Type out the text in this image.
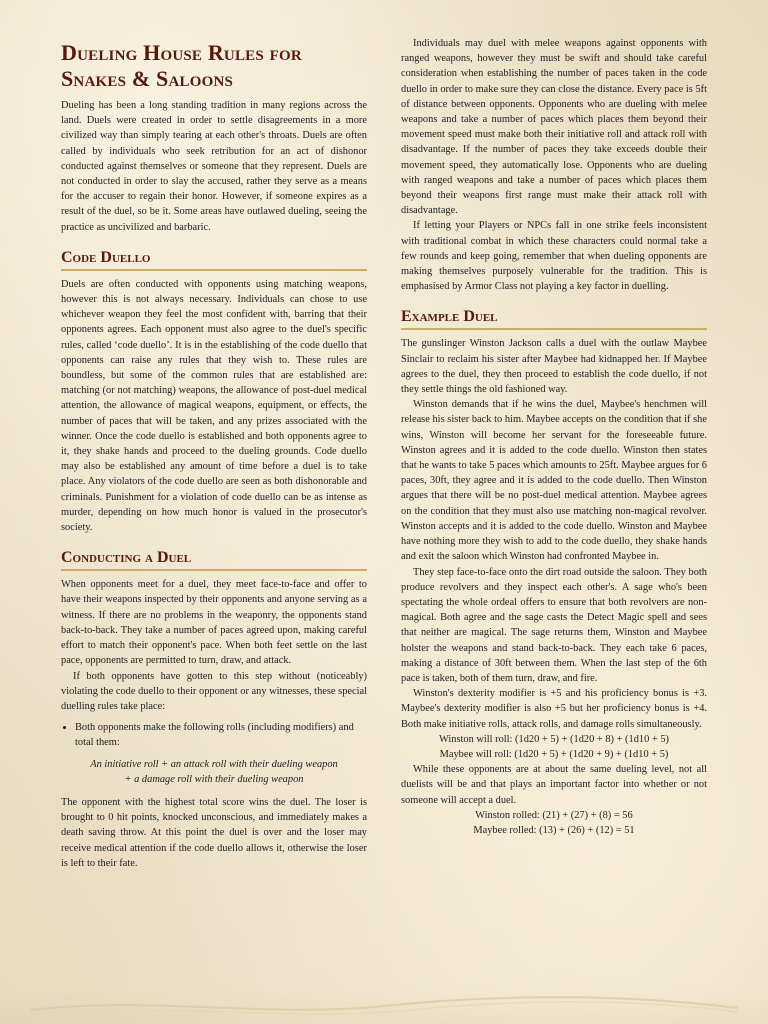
Dueling House Rules for
Snakes & Saloons

Dueling has been a long standing tradition in many regions across the land. Duels were created in order to settle disagreements in a more civilized way than simply tearing at each other's throats. Duels are often called by individuals who seek retribution for an act of dishonor conducted against themselves or someone that they represent. Duels are not conducted in order to slay the accused, rather they serve as a means for the accuser to regain their honor. However, if someone expires as a result of the duel, so be it. Some areas have outlawed dueling, seeing the practice as uncivilized and barbaric.

Code Duello

Duels are often conducted with opponents using matching weapons, however this is not always necessary. Individuals can chose to use whichever weapon they feel the most confident with, barring that their opponents agrees. Each opponent must also agree to the duel's specific rules, called ‘code duello’. It is in the establishing of the code duello that opponents can raise any rules that they wish to. These rules are boundless, but some of the common rules that are established are: matching (or not matching) weapons, the allowance of post-duel medical attention, the allowance of magical weapons, equipment, or effects, the number of paces that will be taken, and any prizes associated with the winner. Once the code duello is established and both opponents agree to it, they shake hands and proceed to the dueling grounds. Code duello may also be established any amount of time before a duel is to take place. Any violators of the code duello are seen as both dishonorable and criminals. Punishment for a violation of code duello can be as intense as murder, depending on how much honor is valued in the prosecutor's society.

Conducting a Duel

When opponents meet for a duel, they meet face-to-face and offer to have their weapons inspected by their opponents and anyone serving as a witness. If there are no problems in the weaponry, the opponents stand back-to-back. They take a number of paces agreed upon, making careful effort to match their opponent's pace. When both feet settle on the last pace, opponents are permitted to turn, draw, and attack.

If both opponents have gotten to this step without (noticeably) violating the code duello to their opponent or any witnesses, these special duelling rules take place:

• Both opponents make the following rolls (including modifiers) and total them:

An initiative roll + an attack roll with their dueling weapon
+ a damage roll with their dueling weapon

The opponent with the highest total score wins the duel. The loser is brought to 0 hit points, knocked unconscious, and immediately makes a death saving throw. At this point the duel is over and the loser may receive medical attention if the code duello allows it, otherwise the loser is left to their fate.

Individuals may duel with melee weapons against opponents with ranged weapons, however they must be swift and should take careful consideration when establishing the number of paces taken in the code duello in order to make sure they can close the distance. Every pace is 5ft of distance between opponents. Opponents who are dueling with melee weapons and take a number of paces which places them beyond their movement speed must make both their initiative roll and attack roll with disadvantage. If the number of paces they take exceeds double their movement speed, they automatically lose. Opponents who are dueling with ranged weapons and take a number of paces which places them beyond their weapons first range must make their attack roll with disadvantage.

If letting your Players or NPCs fall in one strike feels inconsistent with traditional combat in which these characters could normal take a few rounds and keep going, remember that when dueling opponents are making themselves purposely vulnerable for the tradition. This is emphasised by Armor Class not playing a key factor in duelling.

Example Duel

The gunslinger Winston Jackson calls a duel with the outlaw Maybee Sinclair to reclaim his sister after Maybee had kidnapped her. If Maybee agrees to the duel, they then proceed to establish the code duello, if not they settle things the old fashioned way.

Winston demands that if he wins the duel, Maybee's henchmen will release his sister back to him. Maybee accepts on the condition that if she wins, Winston will become her servant for the foreseeable future. Winston agrees and it is added to the code duello. Winston then states that he wants to take 5 paces which amounts to 25ft. Maybee argues for 6 paces, 30ft, they agree and it is added to the code duello. Then Winston argues that there will be no post-duel medical attention. Maybee agrees on the condition that they must also use matching non-magical revolver. Winston accepts and it is added to the code duello. Winston and Maybee have nothing more they wish to add to the code duello, they shake hands and exit the saloon which Winston had confronted Maybee in.

They step face-to-face onto the dirt road outside the saloon. They both produce revolvers and they inspect each other's. A sage who's been spectating the whole ordeal offers to ensure that both revolvers are non-magical. Both agree and the sage casts the Detect Magic spell and sees that neither are magical. The sage returns them, Winston and Maybee holster the weapons and stand back-to-back. They each take 6 paces, making a distance of 30ft between them. When the last step of the 6th pace is taken, both of them turn, draw, and fire.

Winston's dexterity modifier is +5 and his proficiency bonus is +3. Maybee's dexterity modifier is also +5 but her proficiency bonus is +4. Both make initiative rolls, attack rolls, and damage rolls simultaneously.

Winston will roll: (1d20 + 5) + (1d20 + 8) + (1d10 + 5)

Maybee will roll: (1d20 + 5) + (1d20 + 9) + (1d10 + 5)

While these opponents are at about the same dueling level, not all duelists will be and that plays an important factor into whether or not someone will accept a duel.

Winston rolled: (21) + (27) + (8) = 56

Maybee rolled: (13) + (26) + (12) = 51
